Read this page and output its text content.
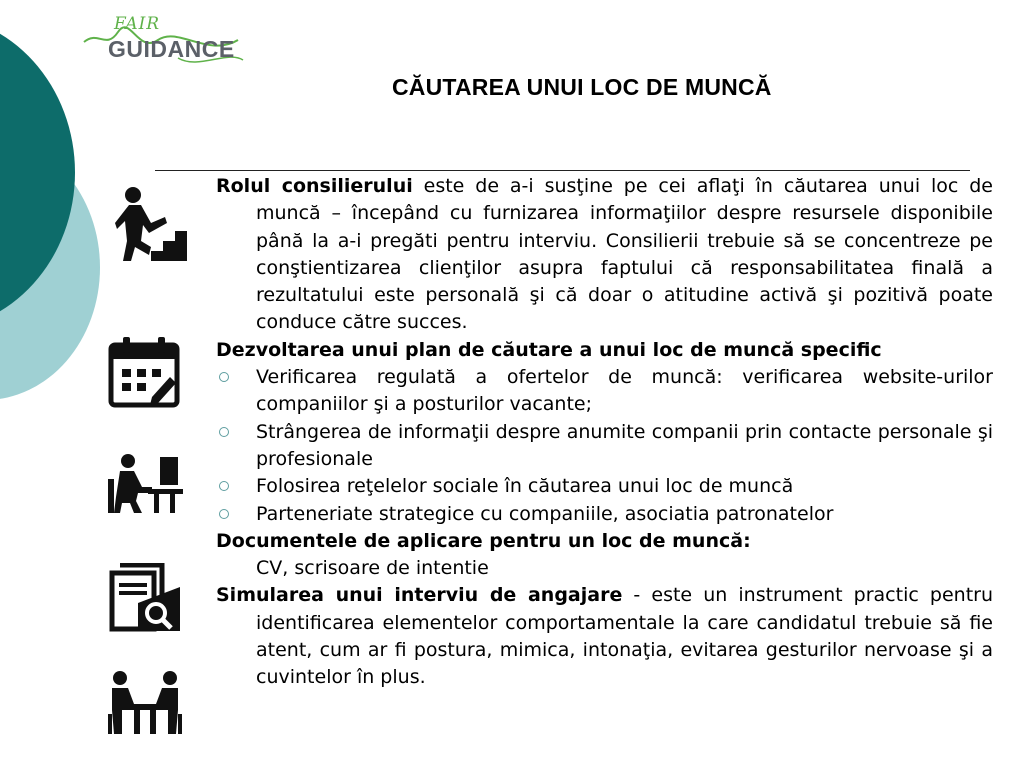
FAIR
GUIDANCE
CĂUTAREA UNUI LOC DE MUNCĂ

Rolul consilierului este de a-i susţine pe cei aflaţi în căutarea unui loc de muncă – începând cu furnizarea informaţiilor despre resursele disponibile până la a-i pregăti pentru interviu. Consilierii trebuie să se concentreze pe conştientizarea clienţilor asupra faptului că responsabilitatea finală a rezultatului este personală şi că doar o atitudine activă şi pozitivă poate conduce către succes.

Dezvoltarea unui plan de căutare a unui loc de muncă specific

Verificarea regulată a ofertelor de muncă: verificarea website-urilor companiilor şi a posturilor vacante;
Strângerea de informaţii despre anumite companii prin contacte personale şi profesionale
Folosirea reţelelor sociale în căutarea unui loc de muncă
Parteneriate strategice cu companiile, asociatia patronatelor

Documentele de aplicare pentru un loc de muncă:

CV, scrisoare de intentie

Simularea unui interviu de angajare - este un instrument practic pentru identificarea elementelor comportamentale la care candidatul trebuie să fie atent, cum ar fi postura, mimica, intonaţia, evitarea gesturilor nervoase şi a cuvintelor în plus.
